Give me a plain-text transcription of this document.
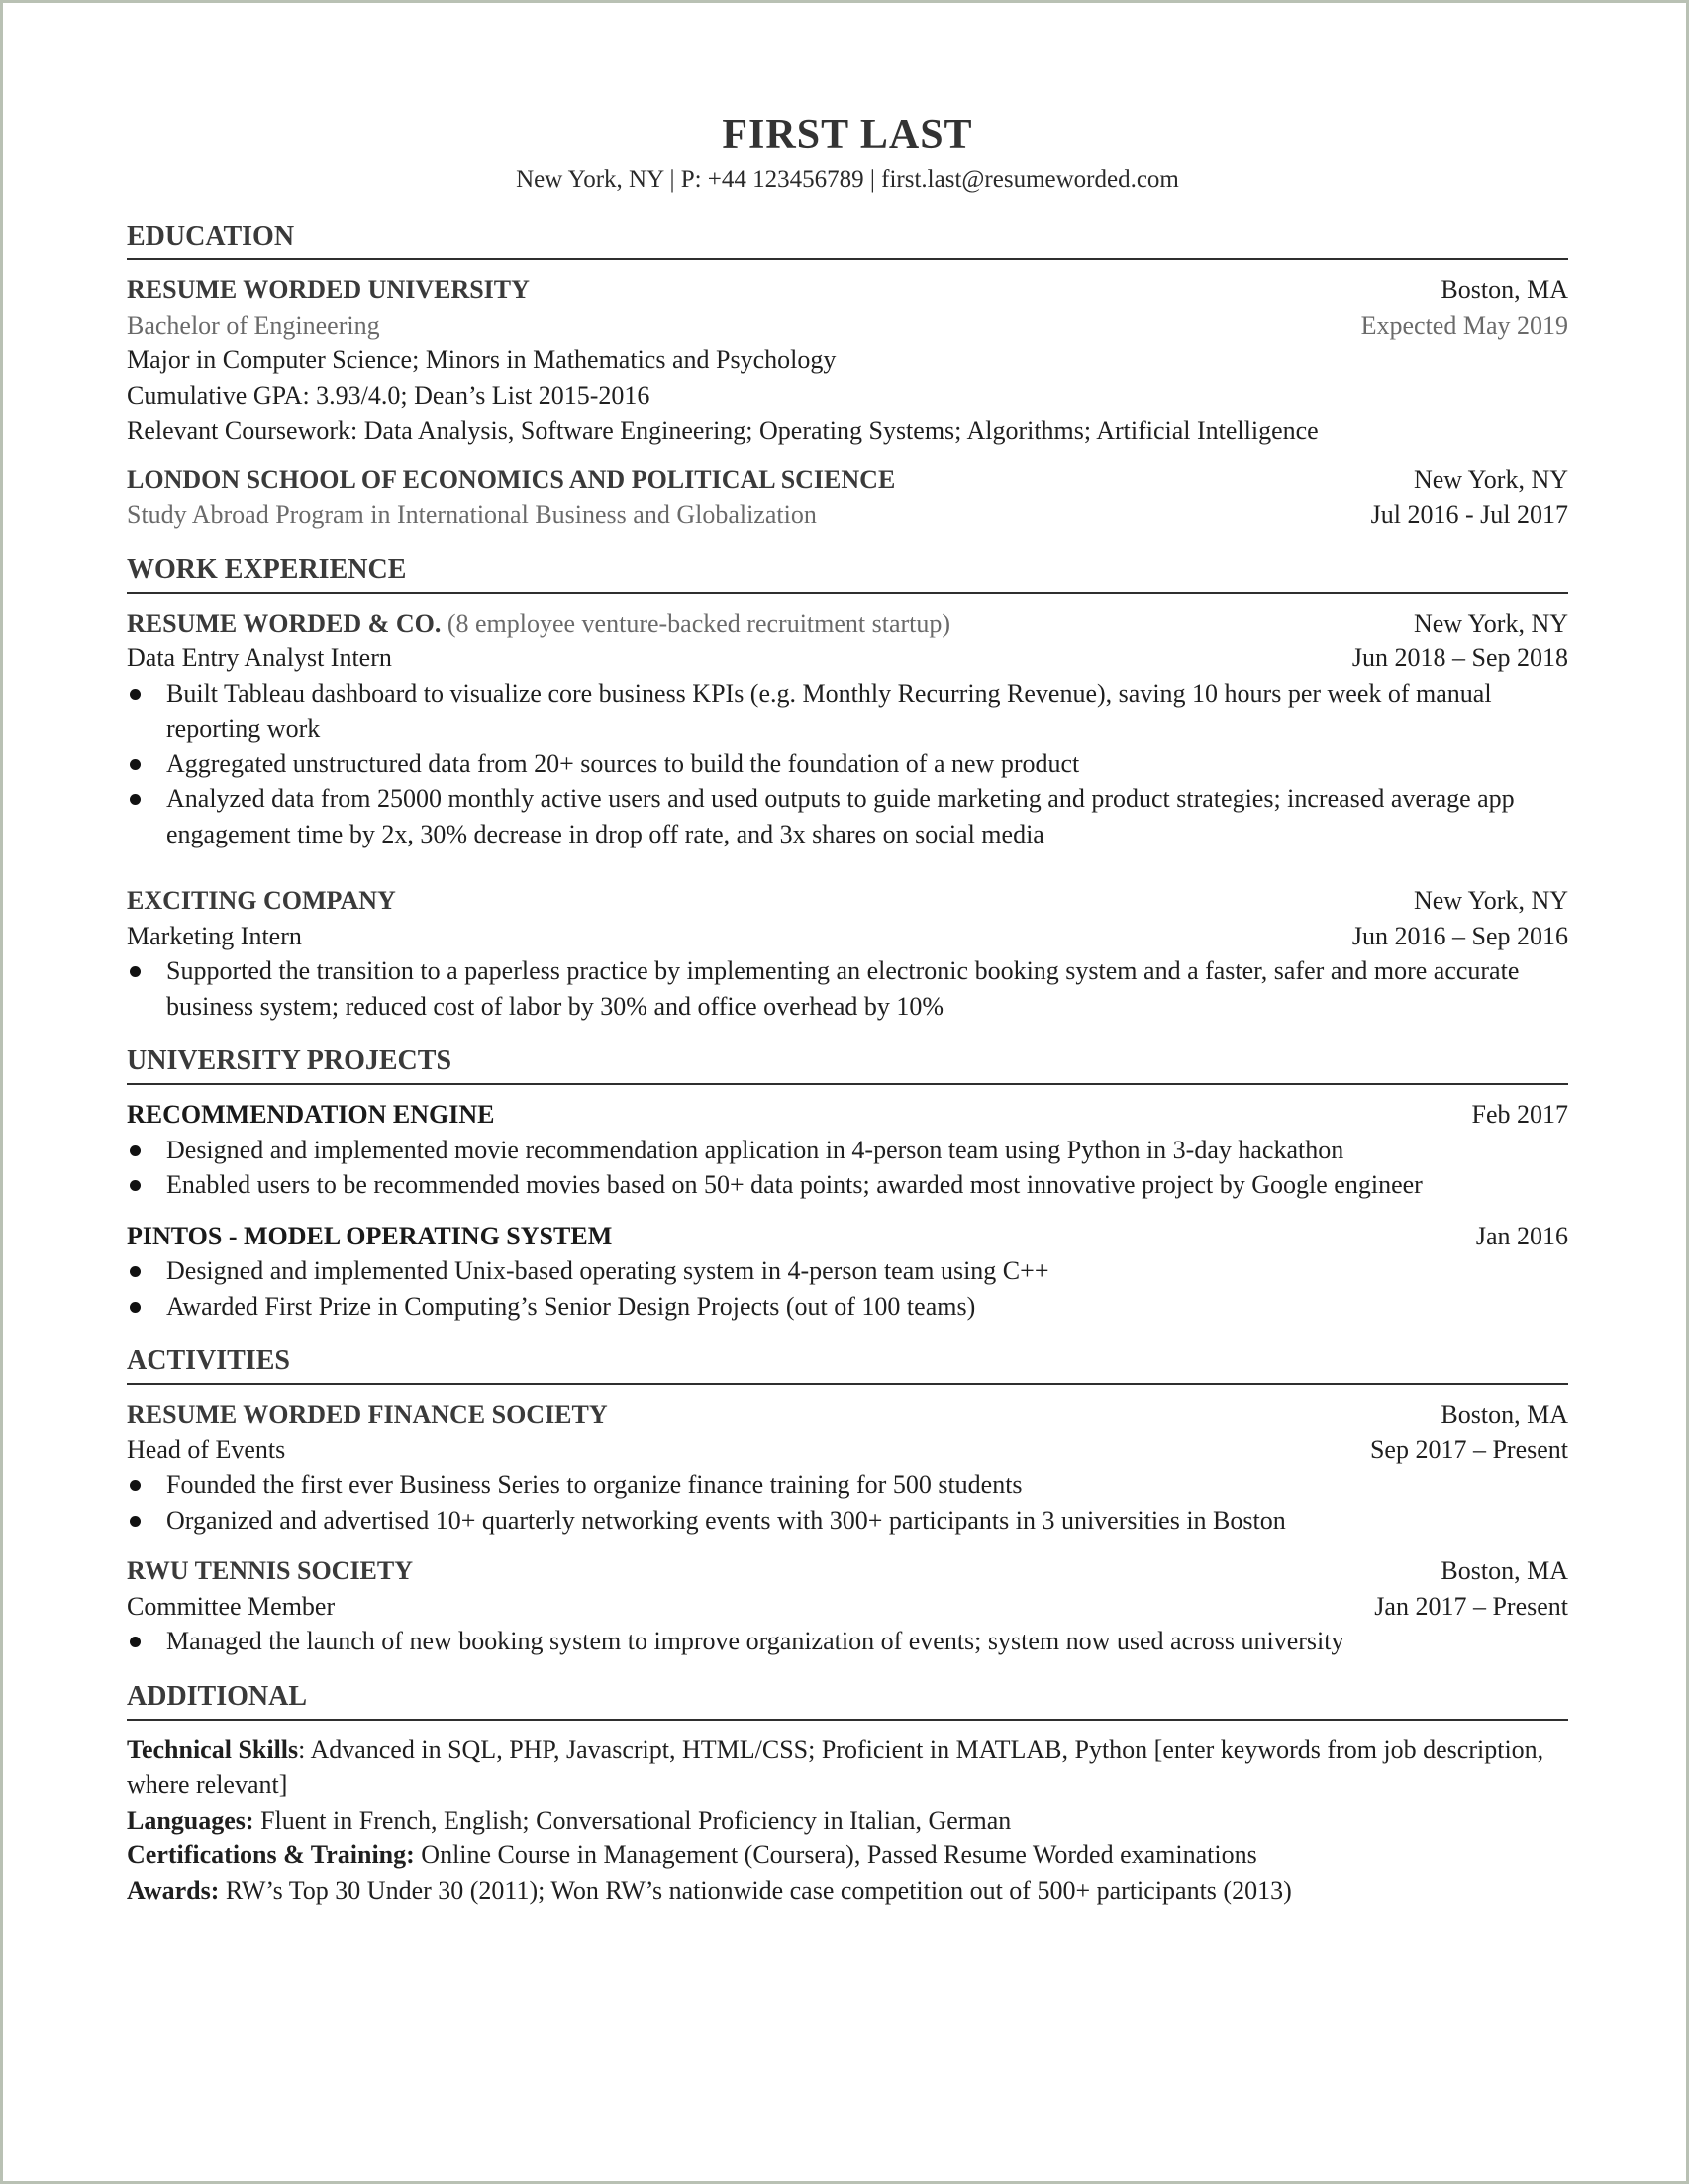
FIRST LAST
New York, NY | P: +44 123456789 | first.last@resumeworded.com
EDUCATION
RESUME WORDED UNIVERSITY	Boston, MA
Bachelor of Engineering	Expected May 2019
Major in Computer Science; Minors in Mathematics and Psychology
Cumulative GPA: 3.93/4.0; Dean’s List 2015-2016
Relevant Coursework: Data Analysis, Software Engineering; Operating Systems; Algorithms; Artificial Intelligence
LONDON SCHOOL OF ECONOMICS AND POLITICAL SCIENCE	New York, NY
Study Abroad Program in International Business and Globalization	Jul 2016 - Jul 2017
WORK EXPERIENCE
RESUME WORDED & CO. (8 employee venture-backed recruitment startup)	New York, NY
Data Entry Analyst Intern	Jun 2018 – Sep 2018
Built Tableau dashboard to visualize core business KPIs (e.g. Monthly Recurring Revenue), saving 10 hours per week of manual reporting work
Aggregated unstructured data from 20+ sources to build the foundation of a new product
Analyzed data from 25000 monthly active users and used outputs to guide marketing and product strategies; increased average app engagement time by 2x, 30% decrease in drop off rate, and 3x shares on social media
EXCITING COMPANY	New York, NY
Marketing Intern	Jun 2016 – Sep 2016
Supported the transition to a paperless practice by implementing an electronic booking system and a faster, safer and more accurate business system; reduced cost of labor by 30% and office overhead by 10%
UNIVERSITY PROJECTS
RECOMMENDATION ENGINE	Feb 2017
Designed and implemented movie recommendation application in 4-person team using Python in 3-day hackathon
Enabled users to be recommended movies based on 50+ data points; awarded most innovative project by Google engineer
PINTOS - MODEL OPERATING SYSTEM	Jan 2016
Designed and implemented Unix-based operating system in 4-person team using C++
Awarded First Prize in Computing’s Senior Design Projects (out of 100 teams)
ACTIVITIES
RESUME WORDED FINANCE SOCIETY	Boston, MA
Head of Events	Sep 2017 – Present
Founded the first ever Business Series to organize finance training for 500 students
Organized and advertised 10+ quarterly networking events with 300+ participants in 3 universities in Boston
RWU TENNIS SOCIETY	Boston, MA
Committee Member	Jan 2017 – Present
Managed the launch of new booking system to improve organization of events; system now used across university
ADDITIONAL
Technical Skills: Advanced in SQL, PHP, Javascript, HTML/CSS; Proficient in MATLAB, Python [enter keywords from job description, where relevant]
Languages: Fluent in French, English; Conversational Proficiency in Italian, German
Certifications & Training: Online Course in Management (Coursera), Passed Resume Worded examinations
Awards: RW’s Top 30 Under 30 (2011); Won RW’s nationwide case competition out of 500+ participants (2013)
